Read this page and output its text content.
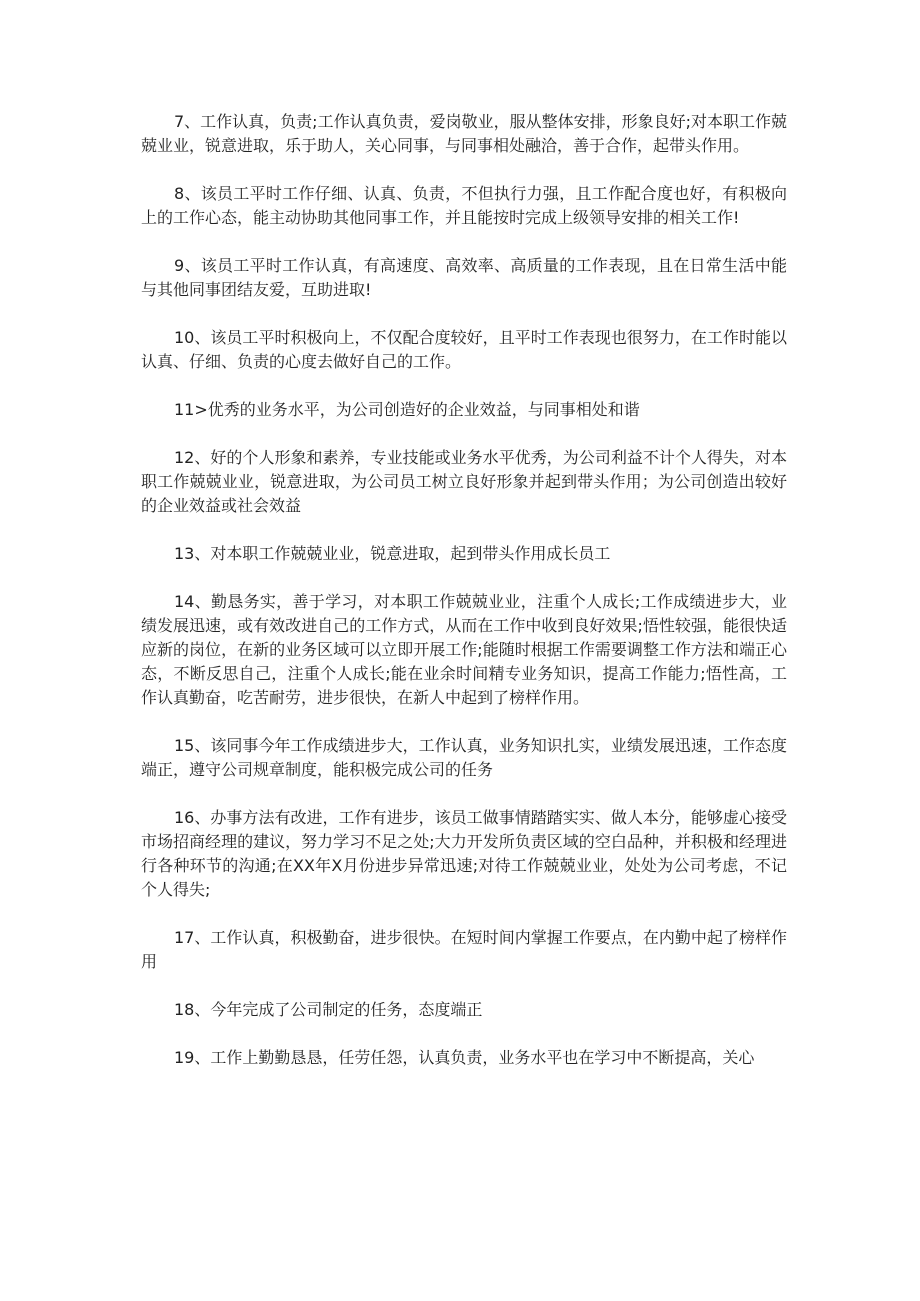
7、工作认真，负责;工作认真负责，爱岗敬业，服从整体安排，形象良好;对本职工作兢兢业业，锐意进取，乐于助人，关心同事，与同事相处融洽，善于合作，起带头作用。

8、该员工平时工作仔细、认真、负责，不但执行力强，且工作配合度也好，有积极向上的工作心态，能主动协助其他同事工作，并且能按时完成上级领导安排的相关工作!

9、该员工平时工作认真，有高速度、高效率、高质量的工作表现，且在日常生活中能与其他同事团结友爱，互助进取!

10、该员工平时积极向上，不仅配合度较好，且平时工作表现也很努力，在工作时能以认真、仔细、负责的心度去做好自己的工作。

11>优秀的业务水平，为公司创造好的企业效益，与同事相处和谐

12、好的个人形象和素养，专业技能或业务水平优秀，为公司利益不计个人得失，对本职工作兢兢业业，锐意进取，为公司员工树立良好形象并起到带头作用；为公司创造出较好的企业效益或社会效益

13、对本职工作兢兢业业，锐意进取，起到带头作用成长员工

14、勤恳务实，善于学习，对本职工作兢兢业业，注重个人成长;工作成绩进步大，业绩发展迅速，或有效改进自己的工作方式，从而在工作中收到良好效果;悟性较强，能很快适应新的岗位，在新的业务区域可以立即开展工作;能随时根据工作需要调整工作方法和端正心态，不断反思自己，注重个人成长;能在业余时间精专业务知识，提高工作能力;悟性高，工作认真勤奋，吃苦耐劳，进步很快，在新人中起到了榜样作用。

15、该同事今年工作成绩进步大，工作认真，业务知识扎实，业绩发展迅速，工作态度端正，遵守公司规章制度，能积极完成公司的任务

16、办事方法有改进，工作有进步，该员工做事情踏踏实实、做人本分，能够虚心接受市场招商经理的建议，努力学习不足之处;大力开发所负责区域的空白品种，并积极和经理进行各种环节的沟通;在XX年X月份进步异常迅速;对待工作兢兢业业，处处为公司考虑，不记个人得失;

17、工作认真，积极勤奋，进步很快。在短时间内掌握工作要点，在内勤中起了榜样作用

18、今年完成了公司制定的任务，态度端正

19、工作上勤勤恳恳，任劳任怨，认真负责，业务水平也在学习中不断提高，关心
